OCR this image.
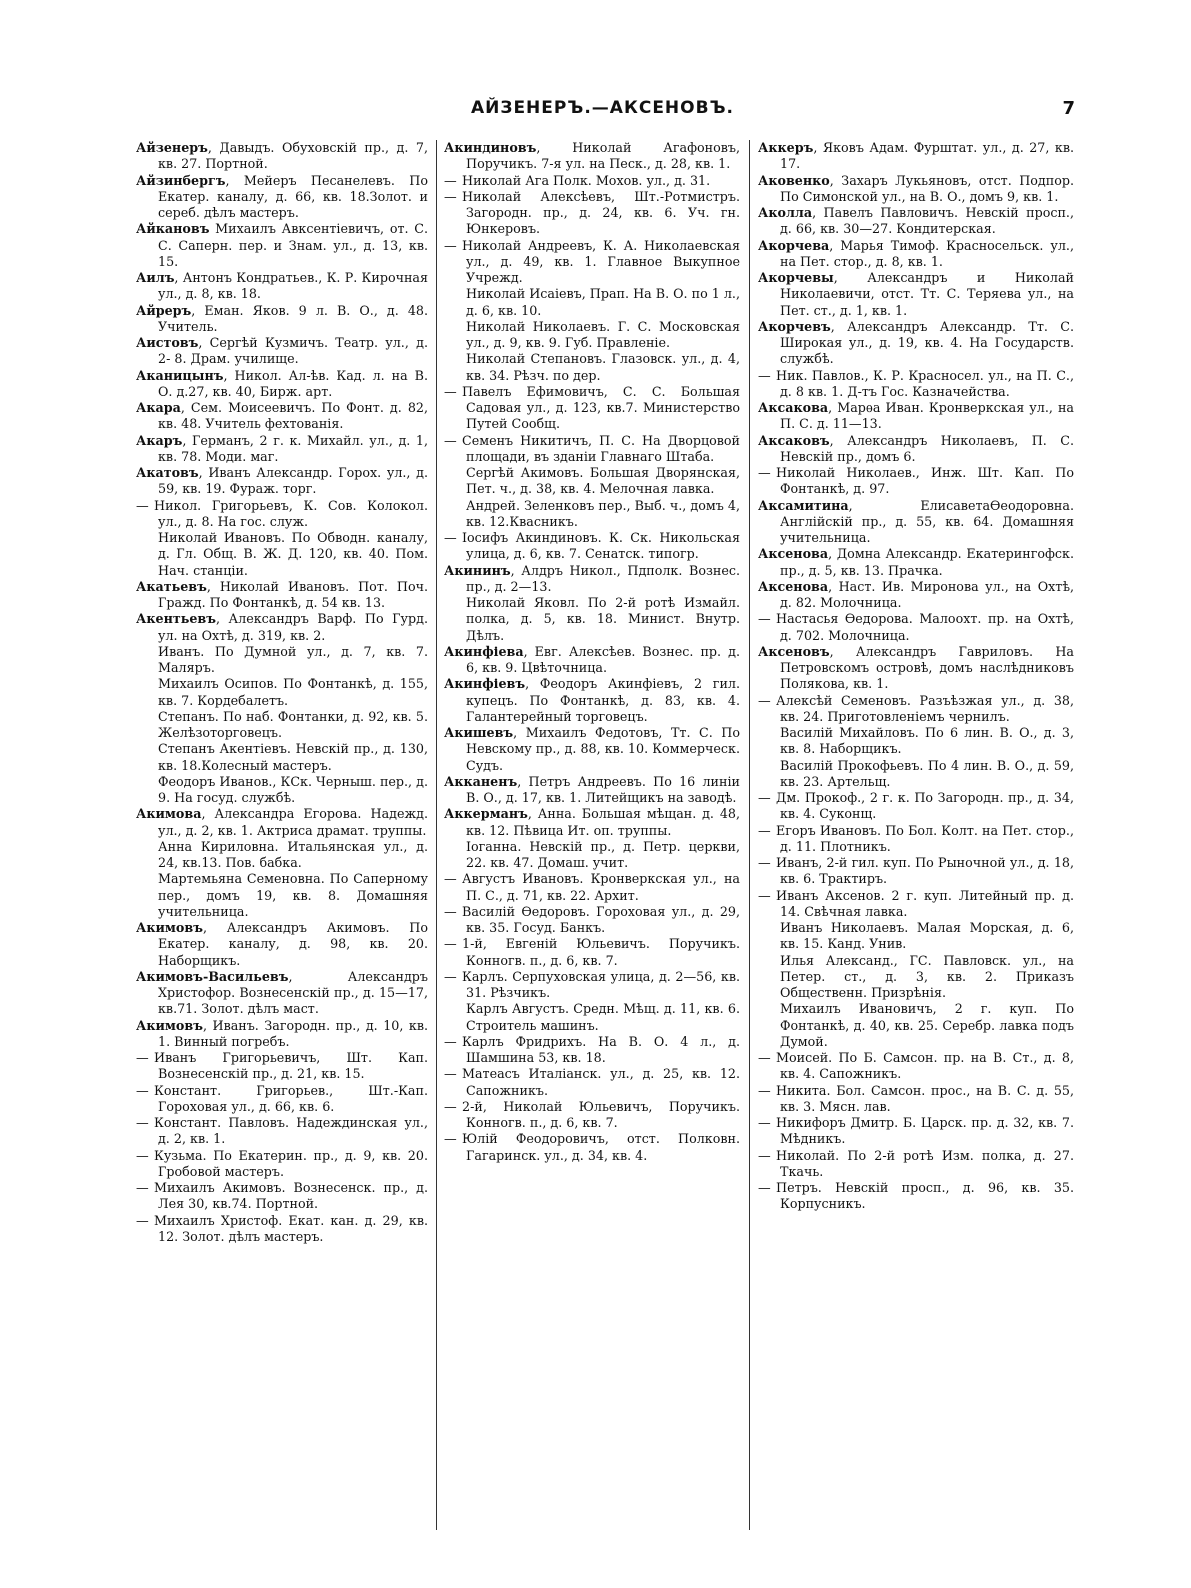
АЙЗЕНЕРЪ.—АКСЕНОВЪ.	7

Айзенеръ, Давыдъ. Обуховскій пр., д. 7, кв. 27. Портной.

Айзинбергъ, Мейеръ Песанелевъ. По Екатер. каналу, д. 66, кв. 18.Золот. и сереб. дѣлъ мастеръ.

Айкановъ Михаилъ Авксентіевичъ, от. С. С. Саперн. пер. и Знам. ул., д. 13, кв. 15.

Аилъ, Антонъ Кондратьев., К. Р. Кирочная ул., д. 8, кв. 18.

Айреръ, Еман. Яков. 9 л. В. О., д. 48. Учитель.

Аистовъ, Сергѣй Кузмичъ. Театр. ул., д. 2- 8. Драм. училище.

Аканицынъ, Никол. Ал-ѣв. Кад. л. на В. О. д.27, кв. 40, Бирж. арт.

Акара, Сем. Моисеевичъ. По Фонт. д. 82, кв. 48. Учитель фехтованія.

Акаръ, Германъ, 2 г. к. Михайл. ул., д. 1, кв. 78. Моди. маг.

Акатовъ, Иванъ Александр. Горох. ул., д. 59, кв. 19. Фураж. торг.

— Никол. Григорьевъ, К. Сов. Колокол. ул., д. 8. На гос. служ.

Николай Ивановъ. По Обводн. каналу, д. Гл. Общ. В. Ж. Д. 120, кв. 40. Пом. Нач. станціи.

Акатьевъ, Николай Ивановъ. Пот. Поч. Гражд. По Фонтанкѣ, д. 54 кв. 13.

Акентьевъ, Александръ Варф. По Гурд. ул. на Охтѣ, д. 319, кв. 2.

Иванъ. По Думной ул., д. 7, кв. 7. Маляръ.

Михаилъ Осипов. По Фонтанкѣ, д. 155, кв. 7. Кордебалетъ.

Степанъ. По наб. Фонтанки, д. 92, кв. 5. Желѣзоторговецъ.

Степанъ Акентіевъ. Невскій пр., д. 130, кв. 18.Колесный мастеръ.

Феодоръ Иванов., КСк. Черныш. пер., д. 9. На госуд. службѣ.

Акимова, Александра Егорова. Надежд. ул., д. 2, кв. 1. Актриса драмат. труппы.

Анна Кириловна. Итальянская ул., д. 24, кв.13. Пов. бабка.

Мартемьяна Семеновна. По Саперному пер., домъ 19, кв. 8. Домашняя учительница.

Акимовъ, Александръ Акимовъ. По Екатер. каналу, д. 98, кв. 20. Наборщикъ.

Акимовъ-Васильевъ, Александръ Христофор. Вознесенскій пр., д. 15—17, кв.71. Золот. дѣлъ маст.

Акимовъ, Иванъ. Загородн. пр., д. 10, кв. 1. Винный погребъ.

— Иванъ Григорьевичъ, Шт. Кап. Вознесенскій пр., д. 21, кв. 15.

— Констант. Григорьев., Шт.-Кап. Гороховая ул., д. 66, кв. 6.

— Констант. Павловъ. Надеждинская ул., д. 2, кв. 1.

— Кузьма. По Екатерин. пр., д. 9, кв. 20. Гробовой мастеръ.

— Михаилъ Акимовъ. Вознесенск. пр., д. Лея 30, кв.74. Портной.

— Михаилъ Христоф. Екат. кан. д. 29, кв. 12. Золот. дѣлъ мастеръ.

Акиндиновъ, Николай Агафоновъ, Поручикъ. 7-я ул. на Песк., д. 28, кв. 1.

— Николай Ага Полк. Мохов. ул., д. 31.

— Николай Алексѣевъ, Шт.-Ротмистръ. Загородн. пр., д. 24, кв. 6. Уч. гн. Юнкеровъ.

— Николай Андреевъ, К. А. Николаевская ул., д. 49, кв. 1. Главное Выкупное Учрежд.

Николай Исаіевъ, Прап. На В. О. по 1 л., д. 6, кв. 10.

Николай Николаевъ. Г. С. Московская ул., д. 9, кв. 9. Губ. Правленіе.

Николай Степановъ. Глазовск. ул., д. 4, кв. 34. Рѣзч. по дер.

— Павелъ Ефимовичъ, С. С. Большая Садовая ул., д. 123, кв.7. Министерство Путей Сообщ.

— Семенъ Никитичъ, П. С. На Дворцовой площади, въ зданіи Главнаго Штаба.

Сергѣй Акимовъ. Большая Дворянская, Пет. ч., д. 38, кв. 4. Мелочная лавка.

Андрей. Зеленковъ пер., Выб. ч., домъ 4, кв. 12.Квасникъ.

— Іосифъ Акиндиновъ. К. Ск. Никольская улица, д. 6, кв. 7. Сенатск. типогр.

Акининъ, Алдръ Никол., Пдполк. Вознес. пр., д. 2—13.

Николай Яковл. По 2-й ротѣ Измайл. полка, д. 5, кв. 18. Минист. Внутр. Дѣлъ.

Акинфіева, Евг. Алексѣев. Вознес. пр. д. 6, кв. 9. Цвѣточница.

Акинфіевъ, Феодоръ Акинфіевъ, 2 гил. купецъ. По Фонтанкѣ, д. 83, кв. 4. Галантерейный торговецъ.

Акишевъ, Михаилъ Федотовъ, Тт. С. По Невскому пр., д. 88, кв. 10. Коммерческ. Судъ.

Акканенъ, Петръ Андреевъ. По 16 линіи В. О., д. 17, кв. 1. Литейщикъ на заводѣ.

Аккерманъ, Анна. Большая мѣщан. д. 48, кв. 12. Пѣвица Ит. оп. труппы.

Іоганна. Невскій пр., д. Петр. церкви, 22. кв. 47. Домаш. учит.

— Августъ Ивановъ. Кронверкская ул., на П. С., д. 71, кв. 22. Архит.

— Василій Ѳедоровъ. Гороховая ул., д. 29, кв. 35. Госуд. Банкъ.

— 1-й, Евгеній Юльевичъ. Поручикъ. Конногв. п., д. 6, кв. 7.

— Карлъ. Серпуховская улица, д. 2—56, кв. 31. Рѣзчикъ.

Карлъ Августъ. Средн. Мѣщ. д. 11, кв. 6. Строитель машинъ.

— Карлъ Фридрихъ. На В. О. 4 л., д. Шамшина 53, кв. 18.

— Матеасъ Италіанск. ул., д. 25, кв. 12. Сапожникъ.

— 2-й, Николай Юльевичъ, Поручикъ. Конногв. п., д. 6, кв. 7.

— Юлій Феодоровичъ, отст. Полковн. Гагаринск. ул., д. 34, кв. 4.

Аккеръ, Яковъ Адам. Фурштат. ул., д. 27, кв. 17.

Аковенко, Захаръ Лукьяновъ, отст. Подпор. По Симонской ул., на В. О., домъ 9, кв. 1.

Аколла, Павелъ Павловичъ. Невскій просп., д. 66, кв. 30—27. Кондитерская.

Акорчева, Марья Тимоф. Красносельск. ул., на Пет. стор., д. 8, кв. 1.

Акорчевы, Александръ и Николай Николаевичи, отст. Тт. С. Теряева ул., на Пет. ст., д. 1, кв. 1.

Акорчевъ, Александръ Александр. Тт. С. Широкая ул., д. 19, кв. 4. На Государств. службѣ.

— Ник. Павлов., К. Р. Красносел. ул., на П. С., д. 8 кв. 1. Д-тъ Гос. Казначейства.

Аксакова, Марѳа Иван. Кронверкская ул., на П. С. д. 11—13.

Аксаковъ, Александръ Николаевъ, П. С. Невскій пр., домъ 6.

— Николай Николаев., Инж. Шт. Кап. По Фонтанкѣ, д. 97.

Аксамитина, ЕлисаветаѲеодоровна. Англійскій пр., д. 55, кв. 64. Домашняя учительница.

Аксенова, Домна Александр. Екатерингофск. пр., д. 5, кв. 13. Прачка.

Аксенова, Наст. Ив. Миронова ул., на Охтѣ, д. 82. Молочница.

— Настасья Ѳедорова. Малоохт. пр. на Охтѣ, д. 702. Молочница.

Аксеновъ, Александръ Гавриловъ. На Петровскомъ островѣ, домъ наслѣдниковъ Полякова, кв. 1.

— Алексѣй Семеновъ. Разъѣзжая ул., д. 38, кв. 24. Приготовленіемъ чернилъ.

Василій Михайловъ. По 6 лин. В. О., д. 3, кв. 8. Наборщикъ.

Василій Прокофьевъ. По 4 лин. В. О., д. 59, кв. 23. Артельщ.

— Дм. Прокоф., 2 г. к. По Загородн. пр., д. 34, кв. 4. Суконщ.

— Егоръ Ивановъ. По Бол. Колт. на Пет. стор., д. 11. Плотникъ.

— Иванъ, 2-й гил. куп. По Рыночной ул., д. 18, кв. 6. Трактиръ.

— Иванъ Аксенов. 2 г. куп. Литейный пр. д. 14. Свѣчная лавка.

Иванъ Николаевъ. Малая Морская, д. 6, кв. 15. Канд. Унив.

Илья Александ., ГС. Павловск. ул., на Петер. ст., д. 3, кв. 2. Приказъ Общественн. Призрѣнія.

Михаилъ Ивановичъ, 2 г. куп. По Фонтанкѣ, д. 40, кв. 25. Серебр. лавка подъ Думой.

— Моисей. По Б. Самсон. пр. на В. Ст., д. 8, кв. 4. Сапожникъ.

— Никита. Бол. Самсон. прос., на В. С. д. 55, кв. 3. Мясн. лав.

— Никифоръ Дмитр. Б. Царск. пр. д. 32, кв. 7. Мѣдникъ.

— Николай. По 2-й ротѣ Изм. полка, д. 27. Ткачь.

— Петръ. Невскій просп., д. 96, кв. 35. Корпусникъ.
